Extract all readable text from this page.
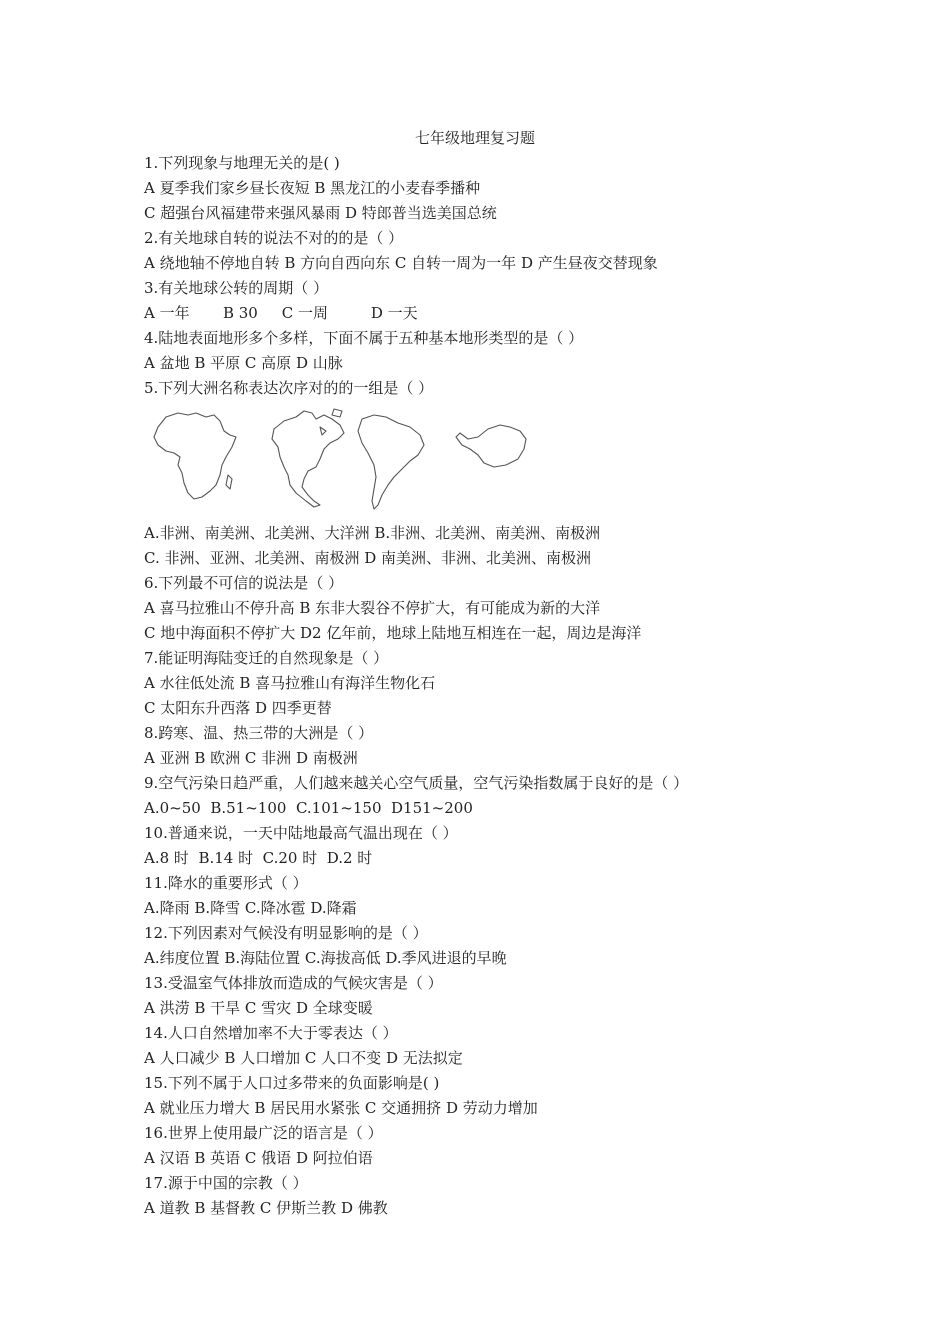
七年级地理复习题
1.下列现象与地理无关的是( )
A 夏季我们家乡昼长夜短 B 黑龙江的小麦春季播种
C 超强台风福建带来强风暴雨 D 特郎普当选美国总统
2.有关地球自转的说法不对的的是（ ）
A 绕地轴不停地自转 B 方向自西向东 C 自转一周为一年 D 产生昼夜交替现象
3.有关地球公转的周期（ ）
A 一年       B 30     C 一周         D 一天
4.陆地表面地形多个多样，下面不属于五种基本地形类型的是（ ）
A 盆地 B 平原 C 高原 D 山脉
5.下列大洲名称表达次序对的的一组是（ ）
A.非洲、南美洲、北美洲、大洋洲 B.非洲、北美洲、南美洲、南极洲
C. 非洲、亚洲、北美洲、南极洲 D 南美洲、非洲、北美洲、南极洲
6.下列最不可信的说法是（ ）
A 喜马拉雅山不停升高 B 东非大裂谷不停扩大，有可能成为新的大洋
C 地中海面积不停扩大 D2 亿年前，地球上陆地互相连在一起，周边是海洋
7.能证明海陆变迁的自然现象是（ ）
A 水往低处流 B 喜马拉雅山有海洋生物化石
C 太阳东升西落 D 四季更替
8.跨寒、温、热三带的大洲是（ ）
A 亚洲 B 欧洲 C 非洲 D 南极洲
9.空气污染日趋严重，人们越来越关心空气质量，空气污染指数属于良好的是（ ）
A.0~50  B.51~100  C.101~150  D151~200
10.普通来说，一天中陆地最高气温出现在（ ）
A.8 时  B.14 时  C.20 时  D.2 时
11.降水的重要形式（ ）
A.降雨 B.降雪 C.降冰雹 D.降霜
12.下列因素对气候没有明显影响的是（ ）
A.纬度位置 B.海陆位置 C.海拔高低 D.季风进退的早晚
13.受温室气体排放而造成的气候灾害是（ ）
A 洪涝 B 干旱 C 雪灾 D 全球变暖
14.人口自然增加率不大于零表达（ ）
A 人口减少 B 人口增加 C 人口不变 D 无法拟定
15.下列不属于人口过多带来的负面影响是( )
A 就业压力增大 B 居民用水紧张 C 交通拥挤 D 劳动力增加
16.世界上使用最广泛的语言是（ ）
A 汉语 B 英语 C 俄语 D 阿拉伯语
17.源于中国的宗教（ ）
A 道教 B 基督教 C 伊斯兰教 D 佛教
